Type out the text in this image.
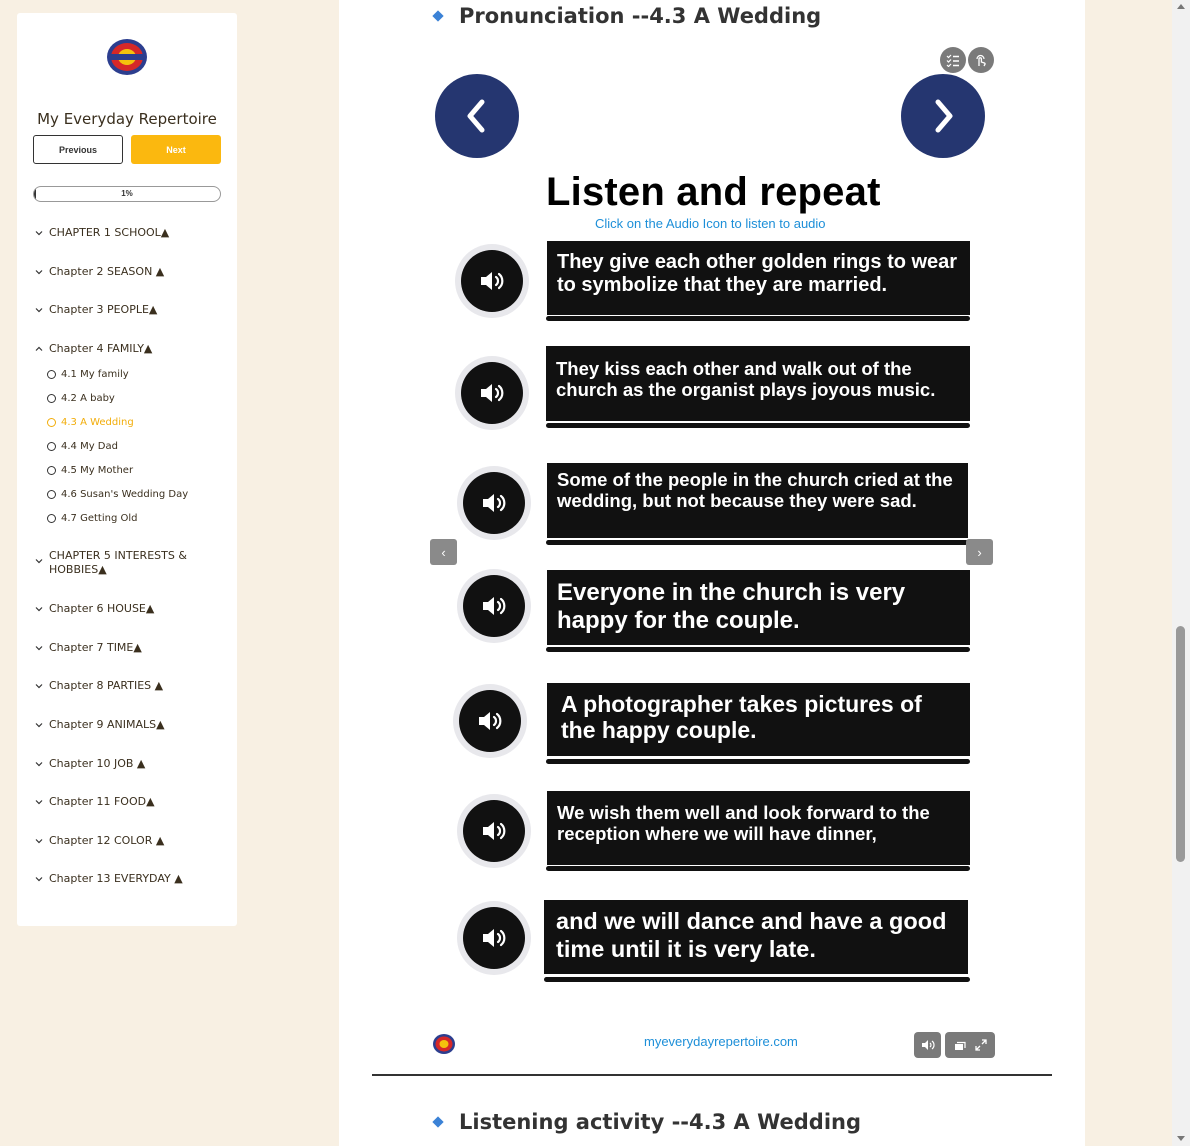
My Everyday Repertoire
Previous	Next
1%
CHAPTER 1 SCHOOL▲
Chapter 2 SEASON ▲
Chapter 3 PEOPLE▲
Chapter 4 FAMILY▲
4.1 My family
4.2 A baby
4.3 A Wedding
4.4 My Dad
4.5 My Mother
4.6 Susan's Wedding Day
4.7 Getting Old
CHAPTER 5 INTERESTS & HOBBIES▲
Chapter 6 HOUSE▲
Chapter 7 TIME▲
Chapter 8 PARTIES ▲
Chapter 9 ANIMALS▲
Chapter 10 JOB ▲
Chapter 11 FOOD▲
Chapter 12 COLOR ▲
Chapter 13 EVERYDAY ▲
Pronunciation --4.3 A Wedding
Listen and repeat
Click on the Audio Icon to listen to audio
They give each other golden rings to wear to symbolize that they are married.
They kiss each other and walk out of the church as the organist plays joyous music.
Some of the people in the church cried at the wedding, but not because they were sad.
‹	›
Everyone in the church is very happy for the couple.
A photographer takes pictures of the happy couple.
We wish them well and look forward to the reception where we will have dinner,
and we will dance and have a good time until it is very late.
myeverydayrepertoire.com
Listening activity --4.3 A Wedding
